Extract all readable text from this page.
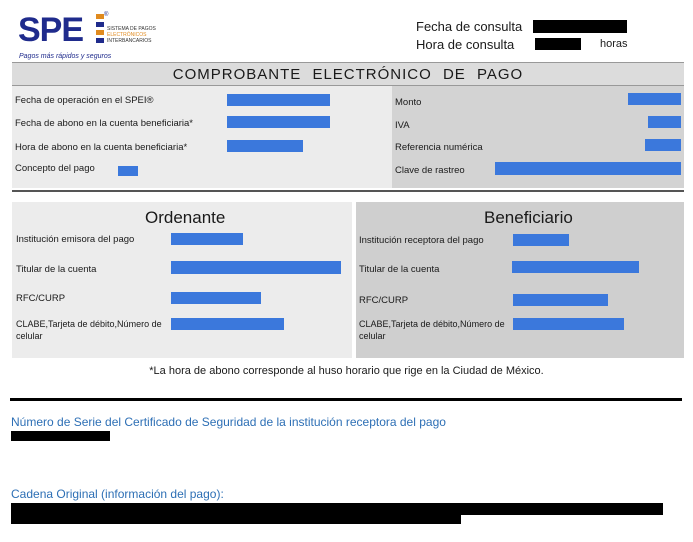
SPE	®
SISTEMA DE PAGOS
ELECTRÓNICOS
INTERBANCARIOS
Pagos más rápidos y seguros
Fecha de consulta
Hora de consulta	horas
COMPROBANTE ELECTRÓNICO DE PAGO
Fecha de operación en el SPEI®
Fecha de abono en la cuenta beneficiaria*
Hora de abono en la cuenta beneficiaria*
Concepto del pago
Monto
IVA
Referencia numérica
Clave de rastreo
Ordenante
Institución emisora del pago
Titular de la cuenta
RFC/CURP
CLABE,Tarjeta de débito,Número de celular
Beneficiario
Institución receptora del pago
Titular de la cuenta
RFC/CURP
CLABE,Tarjeta de débito,Número de celular
*La hora de abono corresponde al huso horario que rige en la Ciudad de México.
Número de Serie del Certificado de Seguridad de la institución receptora del pago
Cadena Original (información del pago):
